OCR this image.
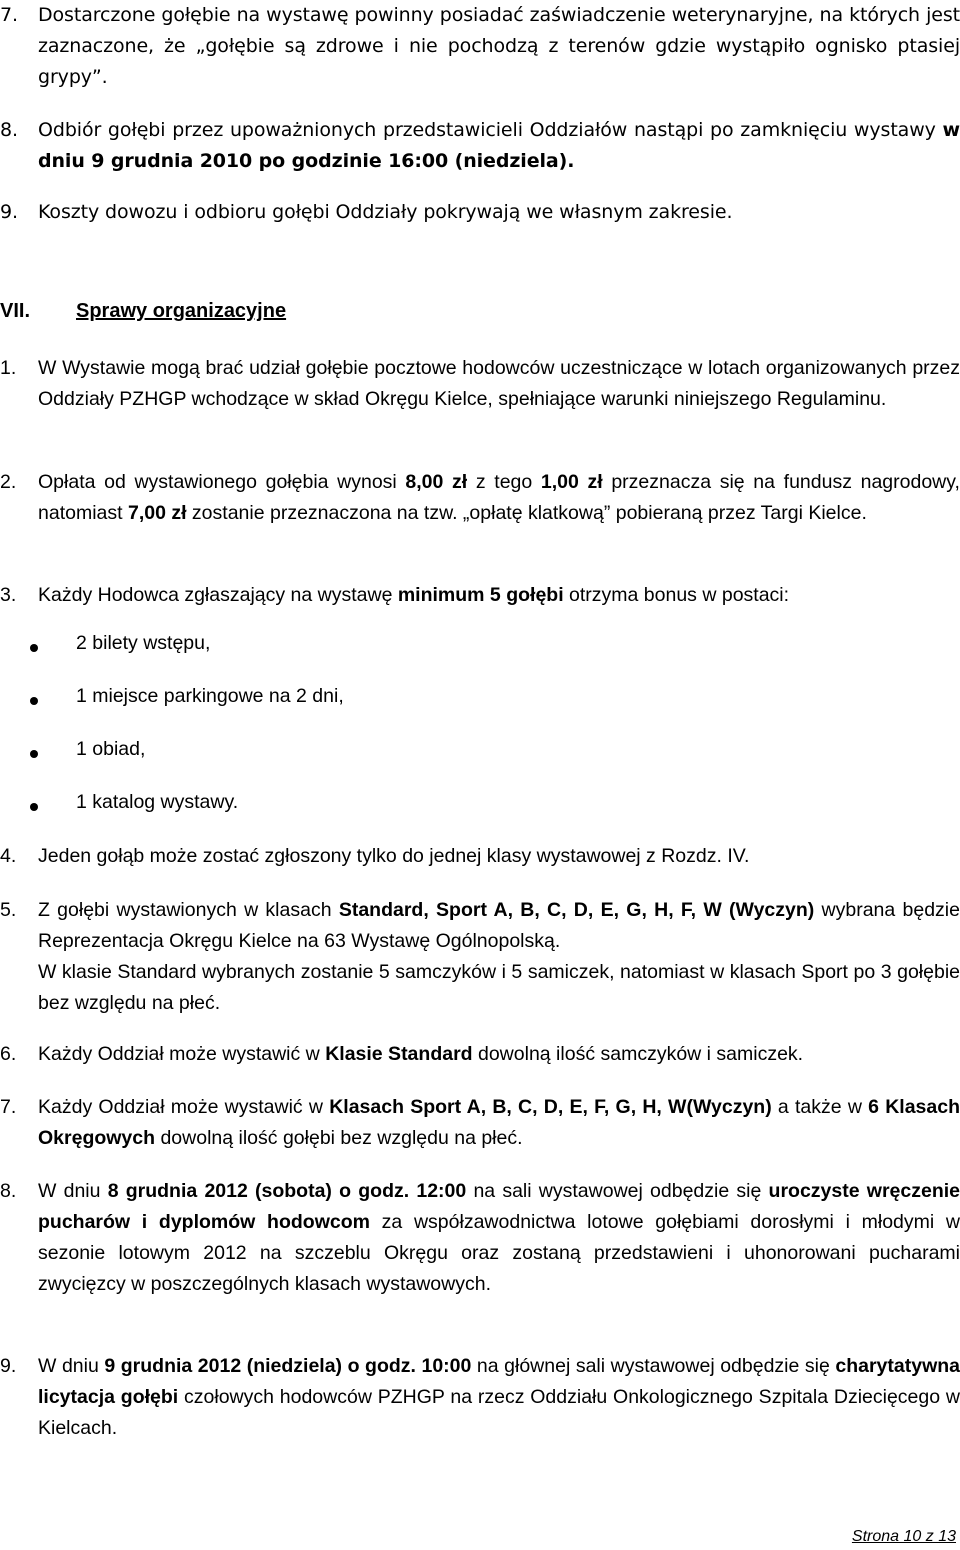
7.	Dostarczone gołębie na wystawę powinny posiadać zaświadczenie weterynaryjne, na których jest zaznaczone, że „gołębie są zdrowe i nie pochodzą z terenów gdzie wystąpiło ognisko ptasiej grypy”.
8.	Odbiór gołębi przez upoważnionych przedstawicieli Oddziałów nastąpi po zamknięciu wystawy w dniu 9 grudnia 2010 po godzinie 16:00 (niedziela).
9.	Koszty dowozu i odbioru gołębi Oddziały pokrywają we własnym zakresie.
VII. Sprawy organizacyjne
1.	W Wystawie mogą brać udział gołębie pocztowe hodowców uczestniczące w lotach organizowanych przez Oddziały PZHGP wchodzące w skład Okręgu Kielce, spełniające warunki niniejszego Regulaminu.
2.	Opłata od wystawionego gołębia wynosi 8,00 zł z tego 1,00 zł przeznacza się na fundusz nagrodowy, natomiast 7,00 zł zostanie przeznaczona na tzw. „opłatę klatkową” pobieraną przez Targi Kielce.
3.	Każdy Hodowca zgłaszający na wystawę minimum 5 gołębi otrzyma bonus w postaci:
2 bilety wstępu,
1 miejsce parkingowe na 2 dni,
1 obiad,
1 katalog wystawy.
4.	Jeden gołąb może zostać zgłoszony tylko do jednej klasy wystawowej z Rozdz. IV.
5.	Z gołębi wystawionych w klasach Standard, Sport A, B, C, D, E, G, H, F, W (Wyczyn) wybrana będzie Reprezentacja Okręgu Kielce na 63 Wystawę Ogólnopolską.
W klasie Standard wybranych zostanie 5 samczyków i 5 samiczek, natomiast w klasach Sport po 3 gołębie bez względu na płeć.
6.	Każdy Oddział może wystawić w Klasie Standard dowolną ilość samczyków i samiczek.
7.	Każdy Oddział może wystawić w Klasach Sport A, B, C, D, E, F, G, H, W(Wyczyn) a także w 6 Klasach Okręgowych dowolną ilość gołębi bez względu na płeć.
8.	W dniu 8 grudnia 2012 (sobota) o godz. 12:00 na sali wystawowej odbędzie się uroczyste wręczenie pucharów i dyplomów hodowcom za współzawodnictwa lotowe gołębiami dorosłymi i młodymi w sezonie lotowym 2012 na szczeblu Okręgu oraz zostaną przedstawieni i uhonorowani pucharami zwycięzcy w poszczególnych klasach wystawowych.
9.	W dniu 9 grudnia 2012 (niedziela) o godz. 10:00 na głównej sali wystawowej odbędzie się charytatywna licytacja gołębi czołowych hodowców PZHGP na rzecz Oddziału Onkologicznego Szpitala Dziecięcego w Kielcach.
Strona 10 z 13
